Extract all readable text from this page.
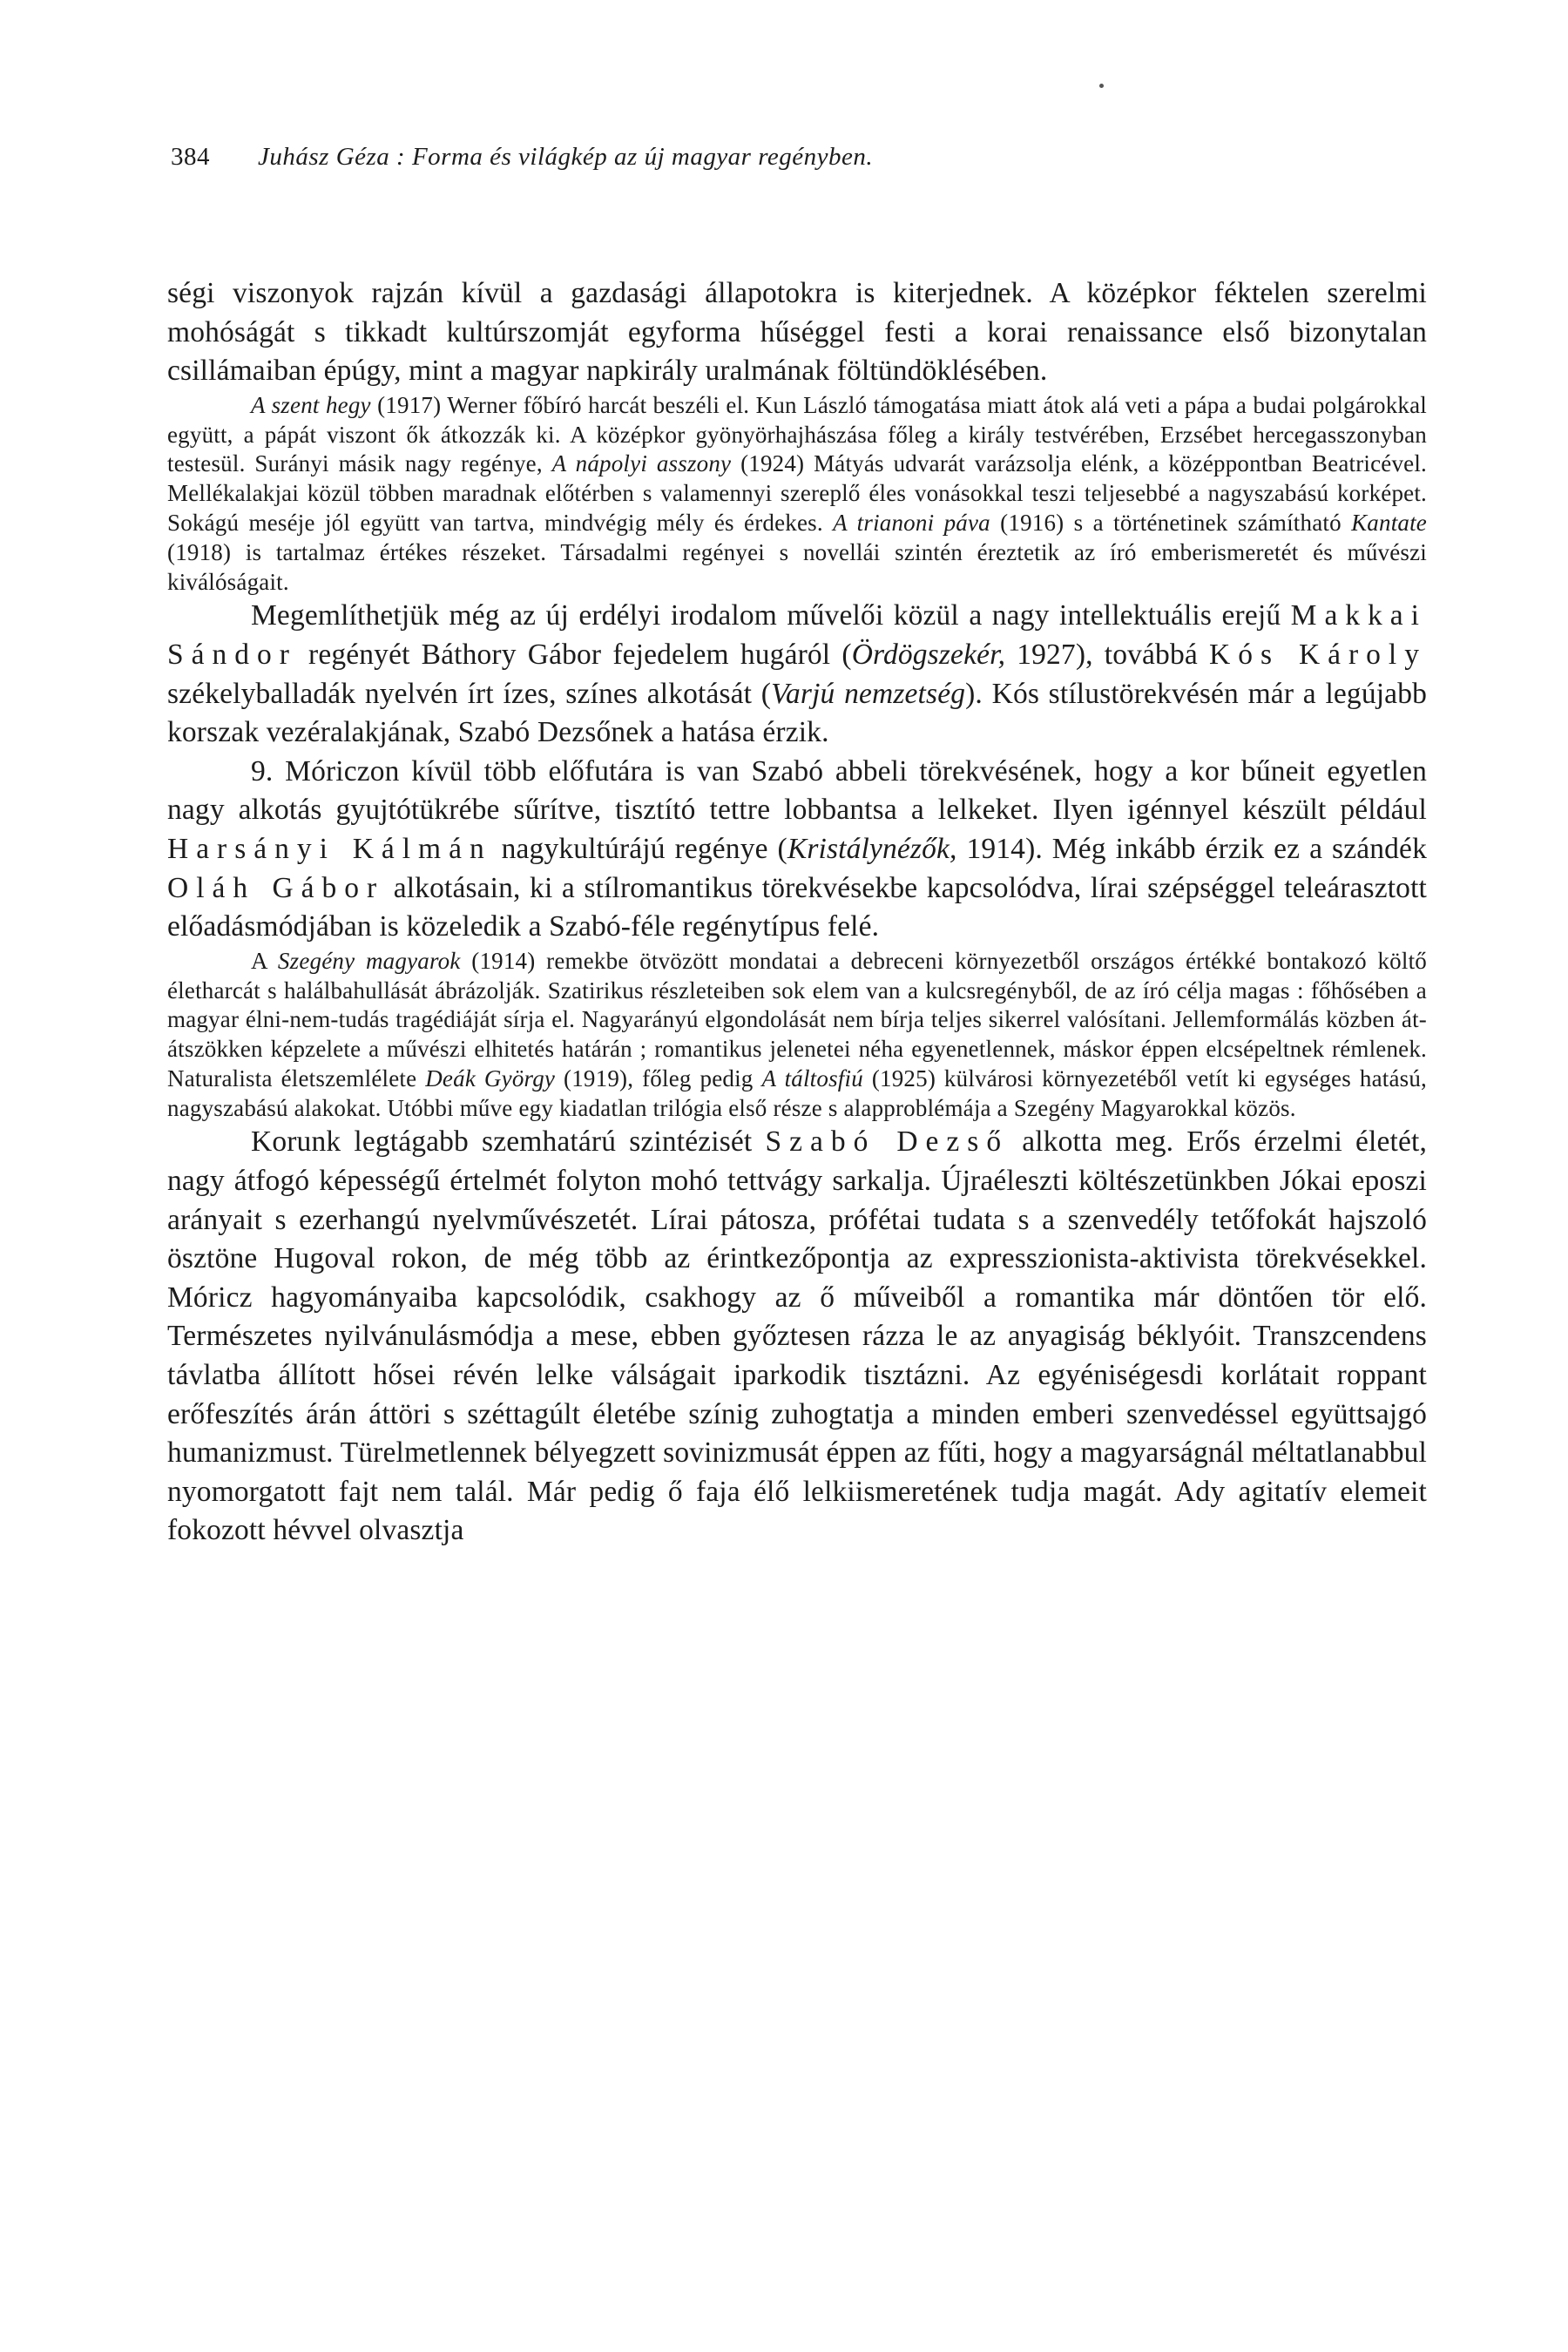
384	Juhász Géza : Forma és világkép az új magyar regényben.

ségi viszonyok rajzán kívül a gazdasági állapotokra is kiterjednek. A középkor féktelen szerelmi mohóságát s tikkadt kultúrszomját egyforma hűséggel festi a korai renaissance első bizonytalan csillámaiban épúgy, mint a magyar napkirály uralmának föltündöklésében.

A szent hegy (1917) Werner főbíró harcát beszéli el. Kun László támogatása miatt átok alá veti a pápa a budai polgárokkal együtt, a pápát viszont ők átkozzák ki. A középkor gyönyörhajhászása főleg a király testvérében, Erzsébet hercegasszonyban testesül. Surányi másik nagy regénye, A nápolyi asszony (1924) Mátyás udvarát varázsolja elénk, a középpontban Beatricével. Mellékalakjai közül többen maradnak előtérben s valamennyi szereplő éles vonásokkal teszi teljesebbé a nagyszabású korképet. Sokágú meséje jól együtt van tartva, mindvégig mély és érdekes. A trianoni páva (1916) s a történetinek számítható Kantate (1918) is tartalmaz értékes részeket. Társadalmi regényei s novellái szintén éreztetik az író emberismeretét és művészi kiválóságait.

Megemlíthetjük még az új erdélyi irodalom művelői közül a nagy intellektuális erejű Makkai Sándor regényét Báthory Gábor fejedelem hugáról (Ördögszekér, 1927), továbbá Kós Károly székelyballadák nyelvén írt ízes, színes alkotását (Varjú nemzetség). Kós stílustörekvésén már a legújabb korszak vezéralakjának, Szabó Dezsőnek a hatása érzik.

9. Móriczon kívül több előfutára is van Szabó abbeli törekvésének, hogy a kor bűneit egyetlen nagy alkotás gyujtótükrébe sűrítve, tisztító tettre lobbantsa a lelkeket. Ilyen igénnyel készült például Harsányi Kálmán nagykultúrájú regénye (Kristálynézők, 1914). Még inkább érzik ez a szándék Oláh Gábor alkotásain, ki a stílromantikus törekvésekbe kapcsolódva, lírai szépséggel teleárasztott előadásmódjában is közeledik a Szabó-féle regénytípus felé.

A Szegény magyarok (1914) remekbe ötvözött mondatai a debreceni környezetből országos értékké bontakozó költő életharcát s halálbahullását ábrázolják. Szatirikus részleteiben sok elem van a kulcsregényből, de az író célja magas : főhősében a magyar élni-nem-tudás tragédiáját sírja el. Nagyarányú elgondolását nem bírja teljes sikerrel valósítani. Jellemformálás közben át-átszökken képzelete a művészi elhitetés határán ; romantikus jelenetei néha egyenetlennek, máskor éppen elcsépeltnek rémlenek. Naturalista életszemlélete Deák György (1919), főleg pedig A táltosfiú (1925) külvárosi környezetéből vetít ki egységes hatású, nagyszabású alakokat. Utóbbi műve egy kiadatlan trilógia első része s alapproblémája a Szegény Magyarokkal közös.

Korunk legtágabb szemhatárú szintézisét Szabó Dezső alkotta meg. Erős érzelmi életét, nagy átfogó képességű értelmét folyton mohó tettvágy sarkalja. Újraéleszti költészetünkben Jókai eposzi arányait s ezerhangú nyelvművészetét. Lírai pátosza, prófétai tudata s a szenvedély tetőfokát hajszoló ösztöne Hugoval rokon, de még több az érintkezőpontja az expresszionista-aktivista törekvésekkel. Móricz hagyományaiba kapcsolódik, csakhogy az ő műveiből a romantika már döntően tör elő. Természetes nyilvánulásmódja a mese, ebben győztesen rázza le az anyagiság béklyóit. Transzcendens távlatba állított hősei révén lelke válságait iparkodik tisztázni. Az egyéniségesdi korlátait roppant erőfeszítés árán áttöri s széttagúlt életébe színig zuhogtatja a minden emberi szenvedéssel együttsajgó humanizmust. Türelmetlennek bélyegzett sovinizmusát éppen az fűti, hogy a magyarságnál méltatlanabbul nyomorgatott fajt nem talál. Már pedig ő faja élő lelkiismeretének tudja magát. Ady agitatív elemeit fokozott hévvel olvasztja
